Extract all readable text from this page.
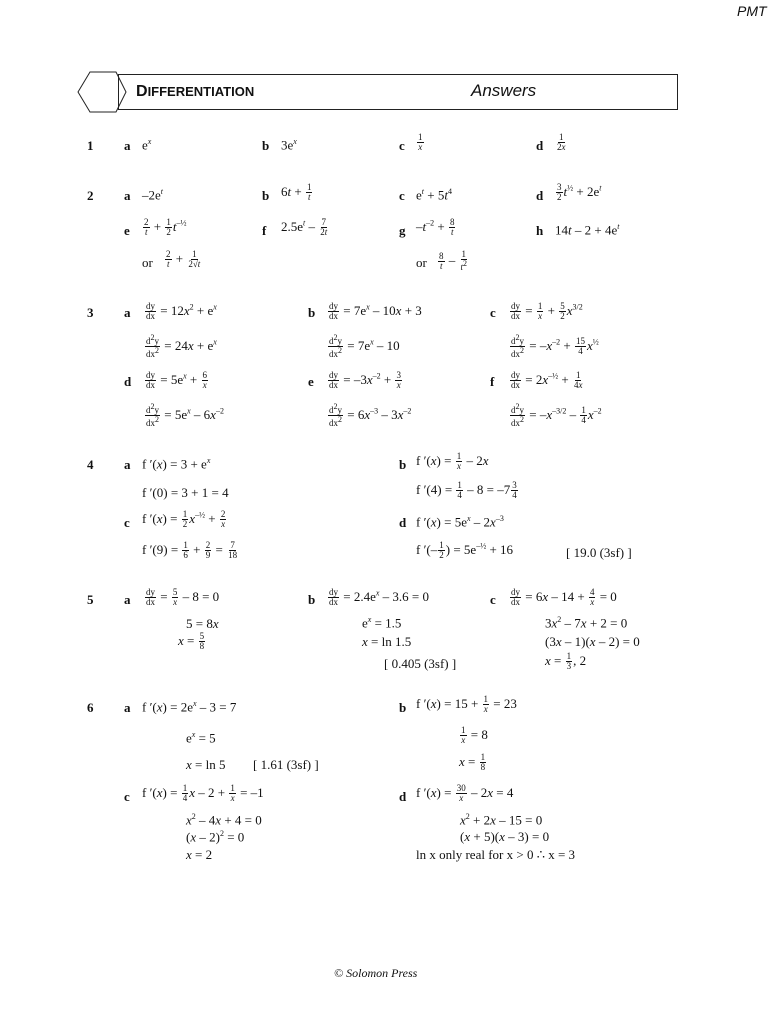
PMT
DIFFERENTIATION	Answers
1 a $e^x$	b $3e^x$	c $\frac{1}{x}$	d $\frac{1}{2x}$
2 a $-2e^t$	b $6t + \frac{1}{t}$	c $e^t + 5t^4$	d $\frac{3}{2} t^{\frac{1}{2}} + 2e^t$
e $\frac{2}{t} + \frac{1}{2} t^{-\frac{1}{2}}$	f $2.5e^t - \frac{7}{2t}$	g $-t^{-2} + \frac{8}{t}$	h $14t - 2 + 4e^t$
or $\frac{2}{t} + \frac{1}{2√t}$	or $\frac{8}{t} - \frac{1}{t^2}$
3 a $\frac{dy}{dx} = 12x^2 + e^x$
$\frac{d^2y}{dx^2} = 24x + e^x$
b $\frac{dy}{dx} = 7e^x - 10x + 3$
$\frac{d^2y}{dx^2} = 7e^x - 10$
c $\frac{dy}{dx} = \frac{1}{x} + \frac{5}{2} x^{3/2}$
$\frac{d^2y}{dx^2} = -x^{-2} + \frac{15}{4} x^{\frac{1}{2}}$
d $\frac{dy}{dx} = 5e^x + \frac{6}{x}$
$\frac{d^2y}{dx^2} = 5e^x - 6x^{-2}$
e $\frac{dy}{dx} = -3x^{-2} + \frac{3}{x}$
$\frac{d^2y}{dx^2} = 6x^{-3} - 3x^{-2}$
f $\frac{dy}{dx} = 2x^{-\frac{1}{2}} + \frac{1}{4x}$
$\frac{d^2y}{dx^2} = -x^{-3/2} - \frac{1}{4} x^{-2}$
4 a f $'(x) = 3 + e^x$
f ′(0) = 3 + 1 = 4
b f $'(x) = \frac{1}{x} - 2x$
f $'(4) = \frac{1}{4} - 8 = -7 \frac{3}{4}$
c f $'(x) = \frac{1}{2} x^{-\frac{1}{2}} + \frac{2}{x}$
f $'(9) = \frac{1}{6} + \frac{2}{9} = \frac{7}{18}$
d f $'(x) = 5e^x - 2x^{-3}$
f ′(– $\frac{1}{2}$ ) = $5e^{-\frac{1}{2}} + 16$	[ 19.0 (3sf) ]
5 a $\frac{dy}{dx} = \frac{5}{x} - 8 = 0$
5 = 8x
$x = \frac{5}{8}$
b $\frac{dy}{dx} = 2.4e^x - 3.6 = 0$
$e^x = 1.5$
x = ln 1.5
[ 0.405 (3sf) ]
c $\frac{dy}{dx} = 6x - 14 + \frac{4}{x} = 0$
$3x^2 - 7x + 2 = 0$
(3x – 1)(x – 2) = 0
$x = \frac{1}{3}$ , 2
6 a f $'(x) = 2e^x - 3 = 7$
$e^x = 5$
x = ln 5 [ 1.61 (3sf) ]
b f $'(x) = 15 + \frac{1}{x} = 23$
$\frac{1}{x} = 8$
$x = \frac{1}{8}$
c f $'(x) = \frac{1}{4}$ $x - 2 + \frac{1}{x} = -1$
$x^2 - 4x + 4 = 0$
(x – 2)$^2$ = 0
x = 2
d f $'(x) = \frac{30}{x} - 2x = 4$
$x^2 + 2x - 15 = 0$
(x + 5)(x – 3) = 0
ln x only real for x > 0 ∴ x = 3
© Solomon Press
